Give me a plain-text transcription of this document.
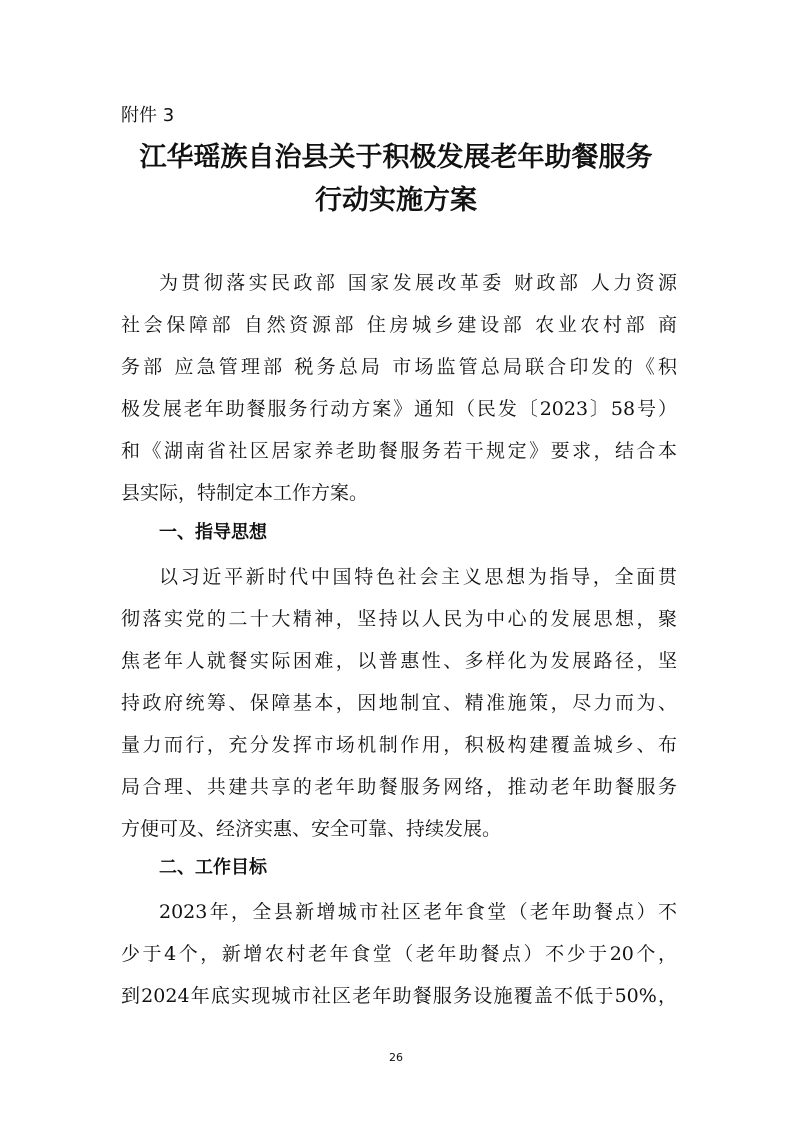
附件 3
江华瑶族自治县关于积极发展老年助餐服务
行动实施方案
为贯彻落实民政部 国家发展改革委 财政部 人力资源
社会保障部 自然资源部 住房城乡建设部 农业农村部 商
务部 应急管理部 税务总局 市场监管总局联合印发的《积
极发展老年助餐服务行动方案》通知（民发〔2023〕58号）
和《湖南省社区居家养老助餐服务若干规定》要求，结合本
县实际，特制定本工作方案。
一、指导思想
以习近平新时代中国特色社会主义思想为指导，全面贯
彻落实党的二十大精神，坚持以人民为中心的发展思想，聚
焦老年人就餐实际困难，以普惠性、多样化为发展路径，坚
持政府统筹、保障基本，因地制宜、精准施策，尽力而为、
量力而行，充分发挥市场机制作用，积极构建覆盖城乡、布
局合理、共建共享的老年助餐服务网络，推动老年助餐服务
方便可及、经济实惠、安全可靠、持续发展。
二、工作目标
2023年，全县新增城市社区老年食堂（老年助餐点）不
少于4个，新增农村老年食堂（老年助餐点）不少于20个，
到2024年底实现城市社区老年助餐服务设施覆盖不低于50%，
26
